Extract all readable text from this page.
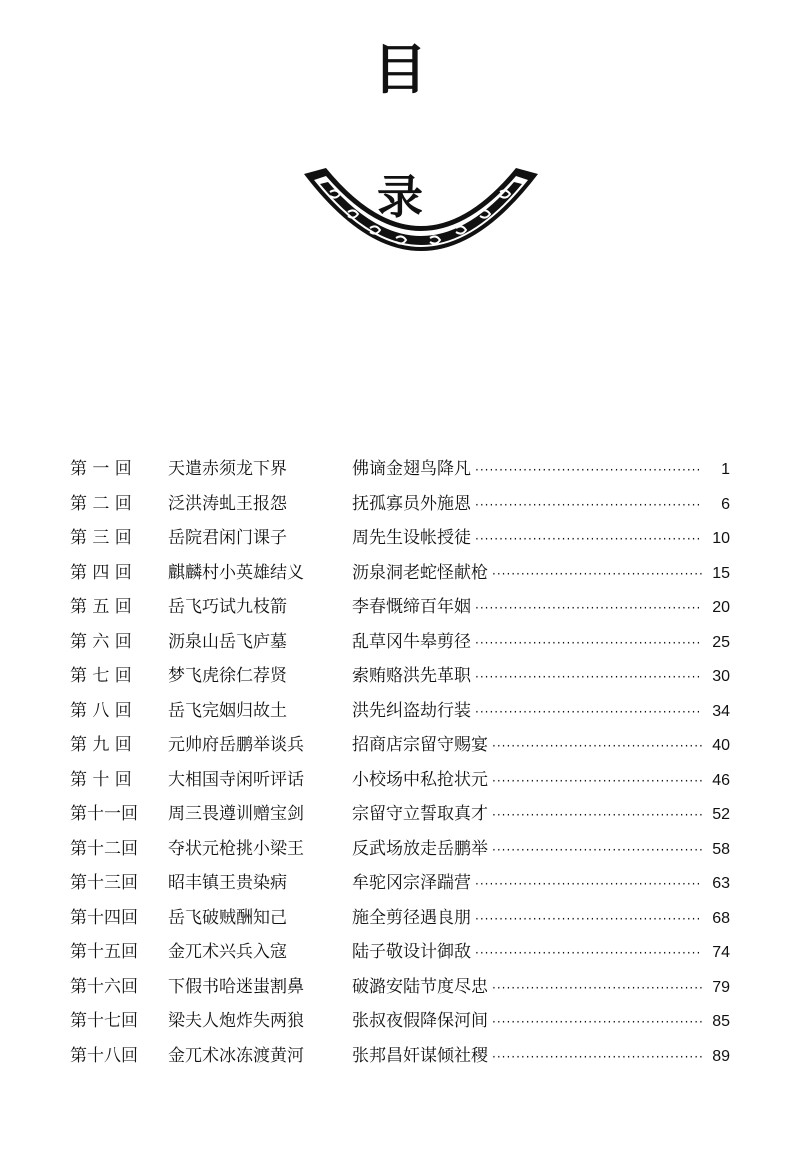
目
录
第 一 回	天遣赤须龙下界	佛谪金翅鸟降凡 ·····	1
第 二 回	泛洪涛虬王报怨	抚孤寡员外施恩 ·····	6
第 三 回	岳院君闲门课子	周先生设帐授徒 ·····	10
第 四 回	麒麟村小英雄结义	沥泉洞老蛇怪献枪 ·····	15
第 五 回	岳飞巧试九枝箭	李春慨缔百年姻 ·····	20
第 六 回	沥泉山岳飞庐墓	乱草冈牛皋剪径 ·····	25
第 七 回	梦飞虎徐仁荐贤	索贿赂洪先革职 ·····	30
第 八 回	岳飞完姻归故土	洪先纠盗劫行装 ·····	34
第 九 回	元帅府岳鹏举谈兵	招商店宗留守赐宴 ·····	40
第 十 回	大相国寺闲听评话	小校场中私抢状元 ·····	46
第十一回	周三畏遵训赠宝剑	宗留守立誓取真才 ·····	52
第十二回	夺状元枪挑小梁王	反武场放走岳鹏举 ·····	58
第十三回	昭丰镇王贵染病	牟驼冈宗泽踹营 ·····	63
第十四回	岳飞破贼酬知己	施全剪径遇良朋 ·····	68
第十五回	金兀术兴兵入寇	陆子敬设计御敌 ·····	74
第十六回	下假书哈迷蚩割鼻	破潞安陆节度尽忠 ·····	79
第十七回	梁夫人炮炸失两狼	张叔夜假降保河间 ·····	85
第十八回	金兀术冰冻渡黄河	张邦昌奸谋倾社稷 ·····	89
